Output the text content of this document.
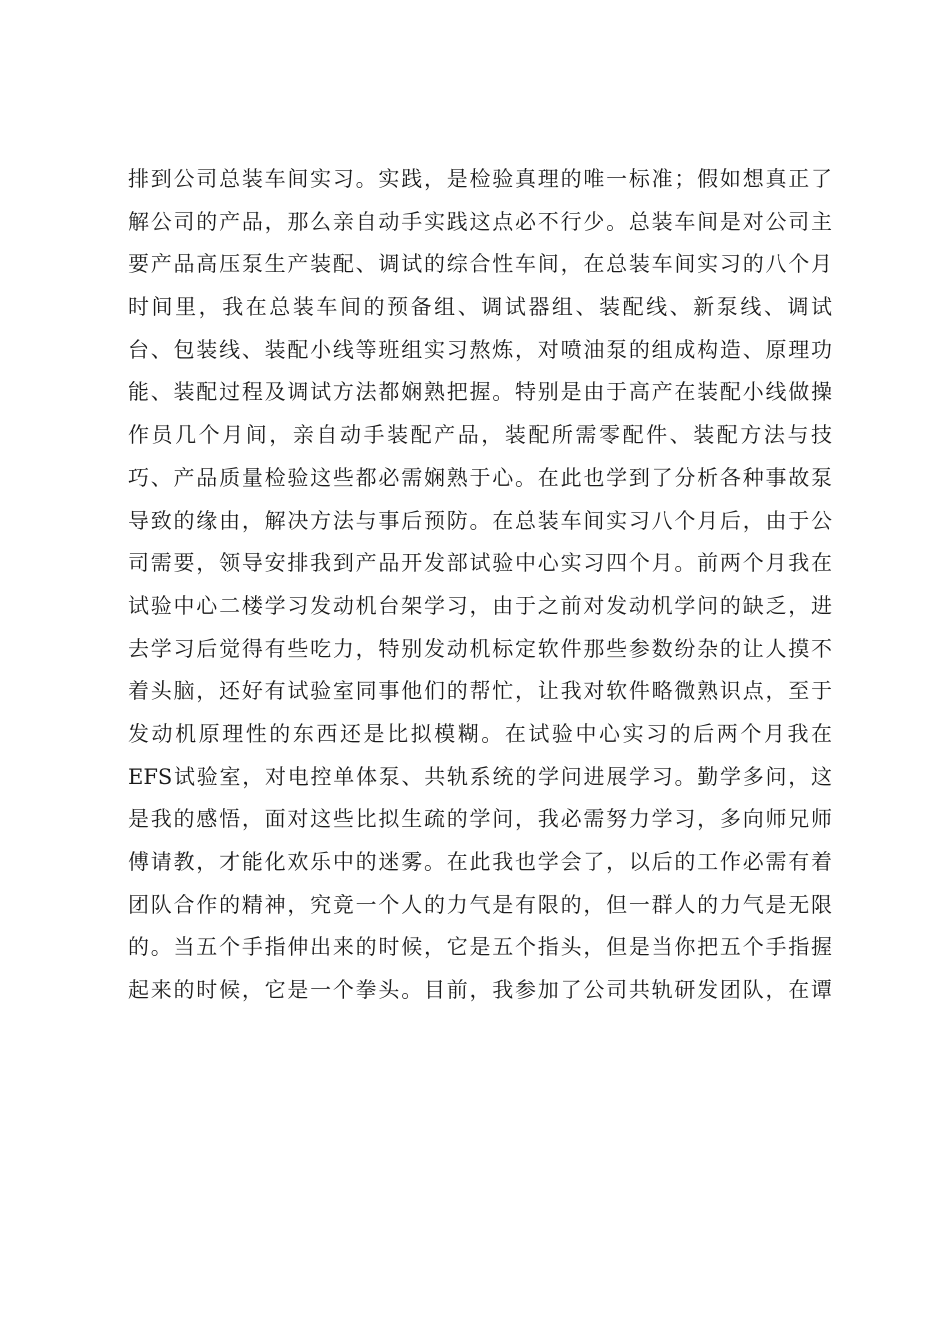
排到公司总装车间实习。实践，是检验真理的唯一标准；假如想真正了
解公司的产品，那么亲自动手实践这点必不行少。总装车间是对公司主
要产品高压泵生产装配、调试的综合性车间，在总装车间实习的八个月
时间里，我在总装车间的预备组、调试器组、装配线、新泵线、调试
台、包装线、装配小线等班组实习熬炼，对喷油泵的组成构造、原理功
能、装配过程及调试方法都娴熟把握。特别是由于高产在装配小线做操
作员几个月间，亲自动手装配产品，装配所需零配件、装配方法与技
巧、产品质量检验这些都必需娴熟于心。在此也学到了分析各种事故泵
导致的缘由，解决方法与事后预防。在总装车间实习八个月后，由于公
司需要，领导安排我到产品开发部试验中心实习四个月。前两个月我在
试验中心二楼学习发动机台架学习，由于之前对发动机学问的缺乏，进
去学习后觉得有些吃力，特别发动机标定软件那些参数纷杂的让人摸不
着头脑，还好有试验室同事他们的帮忙，让我对软件略微熟识点，至于
发动机原理性的东西还是比拟模糊。在试验中心实习的后两个月我在
EFS试验室，对电控单体泵、共轨系统的学问进展学习。勤学多问，这
是我的感悟，面对这些比拟生疏的学问，我必需努力学习，多向师兄师
傅请教，才能化欢乐中的迷雾。在此我也学会了，以后的工作必需有着
团队合作的精神，究竟一个人的力气是有限的，但一群人的力气是无限
的。当五个手指伸出来的时候，它是五个指头，但是当你把五个手指握
起来的时候，它是一个拳头。目前，我参加了公司共轨研发团队，在谭
